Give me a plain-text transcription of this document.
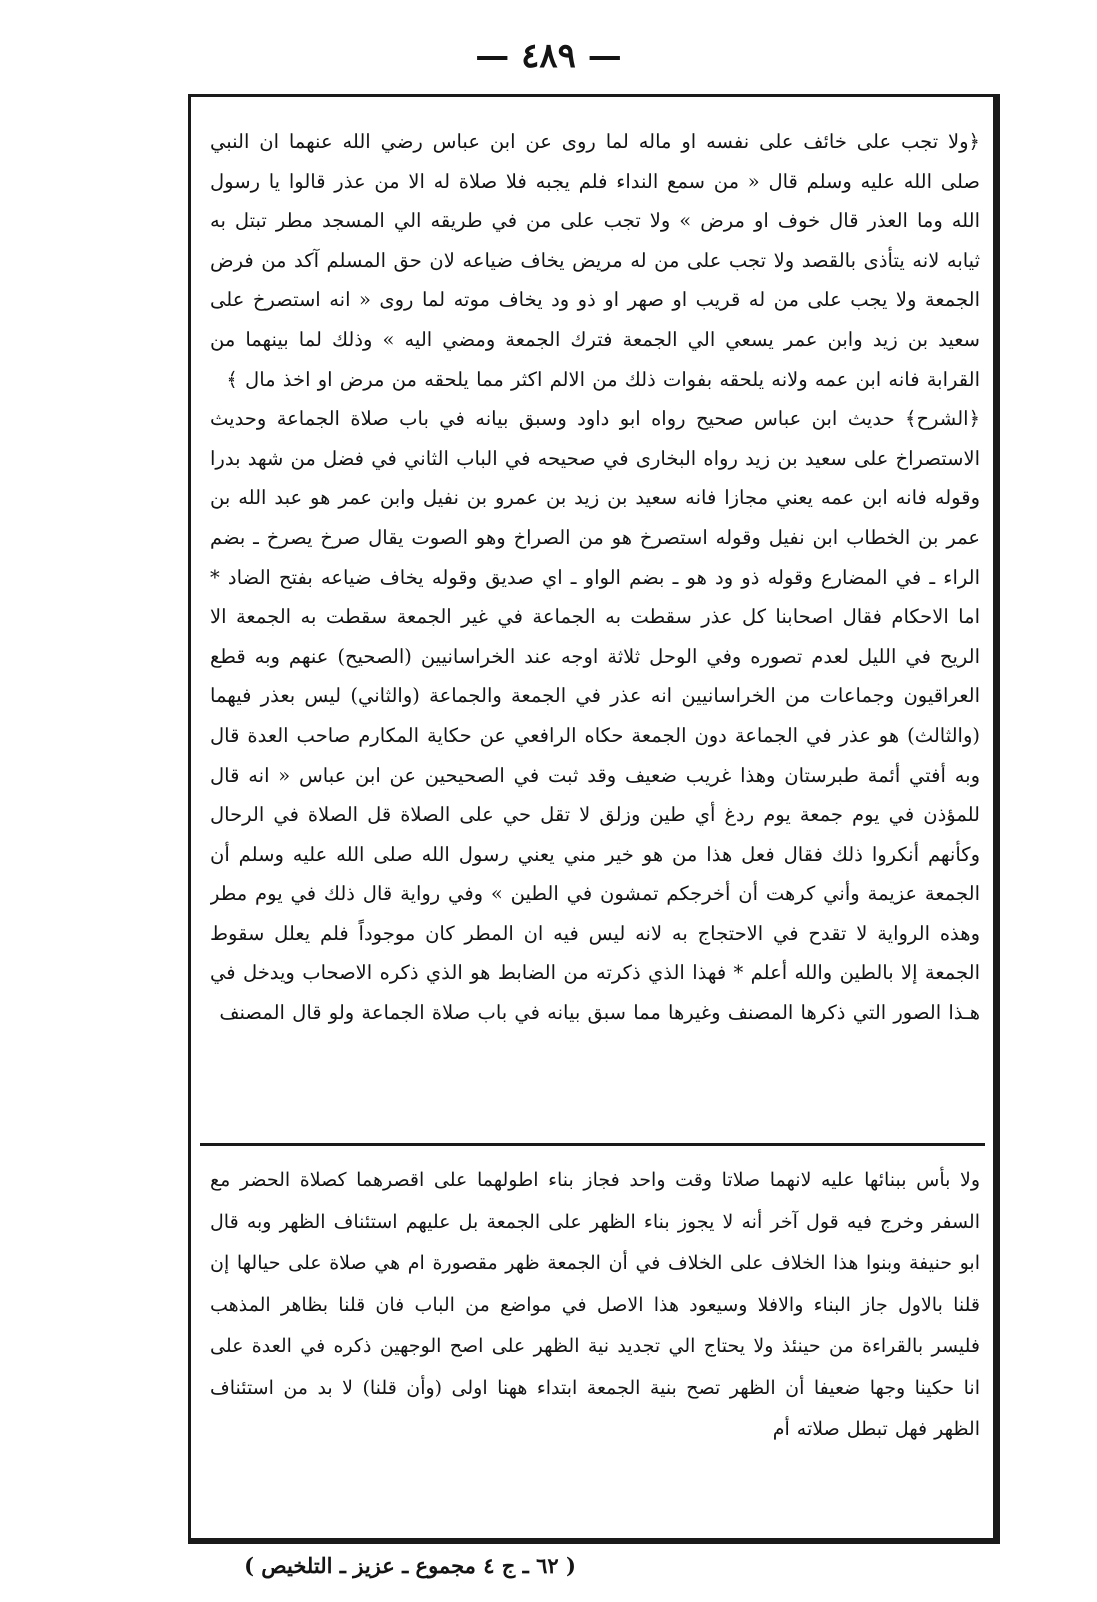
— ٤٨٩ —

﴿ولا تجب على خائف على نفسه او ماله لما روى عن ابن عباس رضي الله عنهما ان النبي صلى الله عليه وسلم قال « من سمع النداء فلم يجبه فلا صلاة له الا من عذر قالوا يا رسول الله وما العذر قال خوف او مرض » ولا تجب على من في طريقه الي المسجد مطر تبتل به ثيابه لانه يتأذى بالقصد ولا تجب على من له مريض يخاف ضياعه لان حق المسلم آكد من فرض الجمعة ولا يجب على من له قريب او صهر او ذو ود يخاف موته لما روى « انه استصرخ على سعيد بن زيد وابن عمر يسعي الي الجمعة فترك الجمعة ومضي اليه » وذلك لما بينهما من القرابة فانه ابن عمه ولانه يلحقه بفوات ذلك من الالم اكثر مما يلحقه من مرض او اخذ مال ﴾

﴿الشرح﴾ حديث ابن عباس صحيح رواه ابو داود وسبق بيانه في باب صلاة الجماعة وحديث الاستصراخ على سعيد بن زيد رواه البخارى في صحيحه في الباب الثاني في فضل من شهد بدرا وقوله فانه ابن عمه يعني مجازا فانه سعيد بن زيد بن عمرو بن نفيل وابن عمر هو عبد الله بن عمر بن الخطاب ابن نفيل وقوله استصرخ هو من الصراخ وهو الصوت يقال صرخ يصرخ ـ بضم الراء ـ في المضارع وقوله ذو ود هو ـ بضم الواو ـ اي صديق وقوله يخاف ضياعه بفتح الضاد * اما الاحكام فقال اصحابنا كل عذر سقطت به الجماعة في غير الجمعة سقطت به الجمعة الا الريح في الليل لعدم تصوره وفي الوحل ثلاثة اوجه عند الخراسانيين (الصحيح) عنهم وبه قطع العراقيون وجماعات من الخراسانيين انه عذر في الجمعة والجماعة (والثاني) ليس بعذر فيهما (والثالث) هو عذر في الجماعة دون الجمعة حكاه الرافعي عن حكاية المكارم صاحب العدة قال وبه أفتي أئمة طبرستان وهذا غريب ضعيف وقد ثبت في الصحيحين عن ابن عباس « انه قال للمؤذن في يوم جمعة يوم ردغ أي طين وزلق لا تقل حي على الصلاة قل الصلاة في الرحال وكأنهم أنكروا ذلك فقال فعل هذا من هو خير مني يعني رسول الله صلى الله عليه وسلم أن الجمعة عزيمة وأني كرهت أن أخرجكم تمشون في الطين » وفي رواية قال ذلك في يوم مطر وهذه الرواية لا تقدح في الاحتجاج به لانه ليس فيه ان المطر كان موجوداً فلم يعلل سقوط الجمعة إلا بالطين والله أعلم * فهذا الذي ذكرته من الضابط هو الذي ذكره الاصحاب ويدخل في هـذا الصور التي ذكرها المصنف وغيرها مما سبق بيانه في باب صلاة الجماعة ولو قال المصنف

ولا بأس ببنائها عليه لانهما صلاتا وقت واحد فجاز بناء اطولهما على اقصرهما كصلاة الحضر مع السفر وخرج فيه قول آخر أنه لا يجوز بناء الظهر على الجمعة بل عليهم استئناف الظهر وبه قال ابو حنيفة وبنوا هذا الخلاف على الخلاف في أن الجمعة ظهر مقصورة ام هي صلاة على حيالها إن قلنا بالاول جاز البناء والافلا وسيعود هذا الاصل في مواضع من الباب فان قلنا بظاهر المذهب فليسر بالقراءة من حينئذ ولا يحتاج الي تجديد نية الظهر على اصح الوجهين ذكره في العدة على انا حكينا وجها ضعيفا أن الظهر تصح بنية الجمعة ابتداء ههنا اولى (وأن قلنا) لا بد من استئناف الظهر فهل تبطل صلاته أم

( ٦٢ ـ ج ٤ مجموع ـ عزيز ـ التلخيص )
